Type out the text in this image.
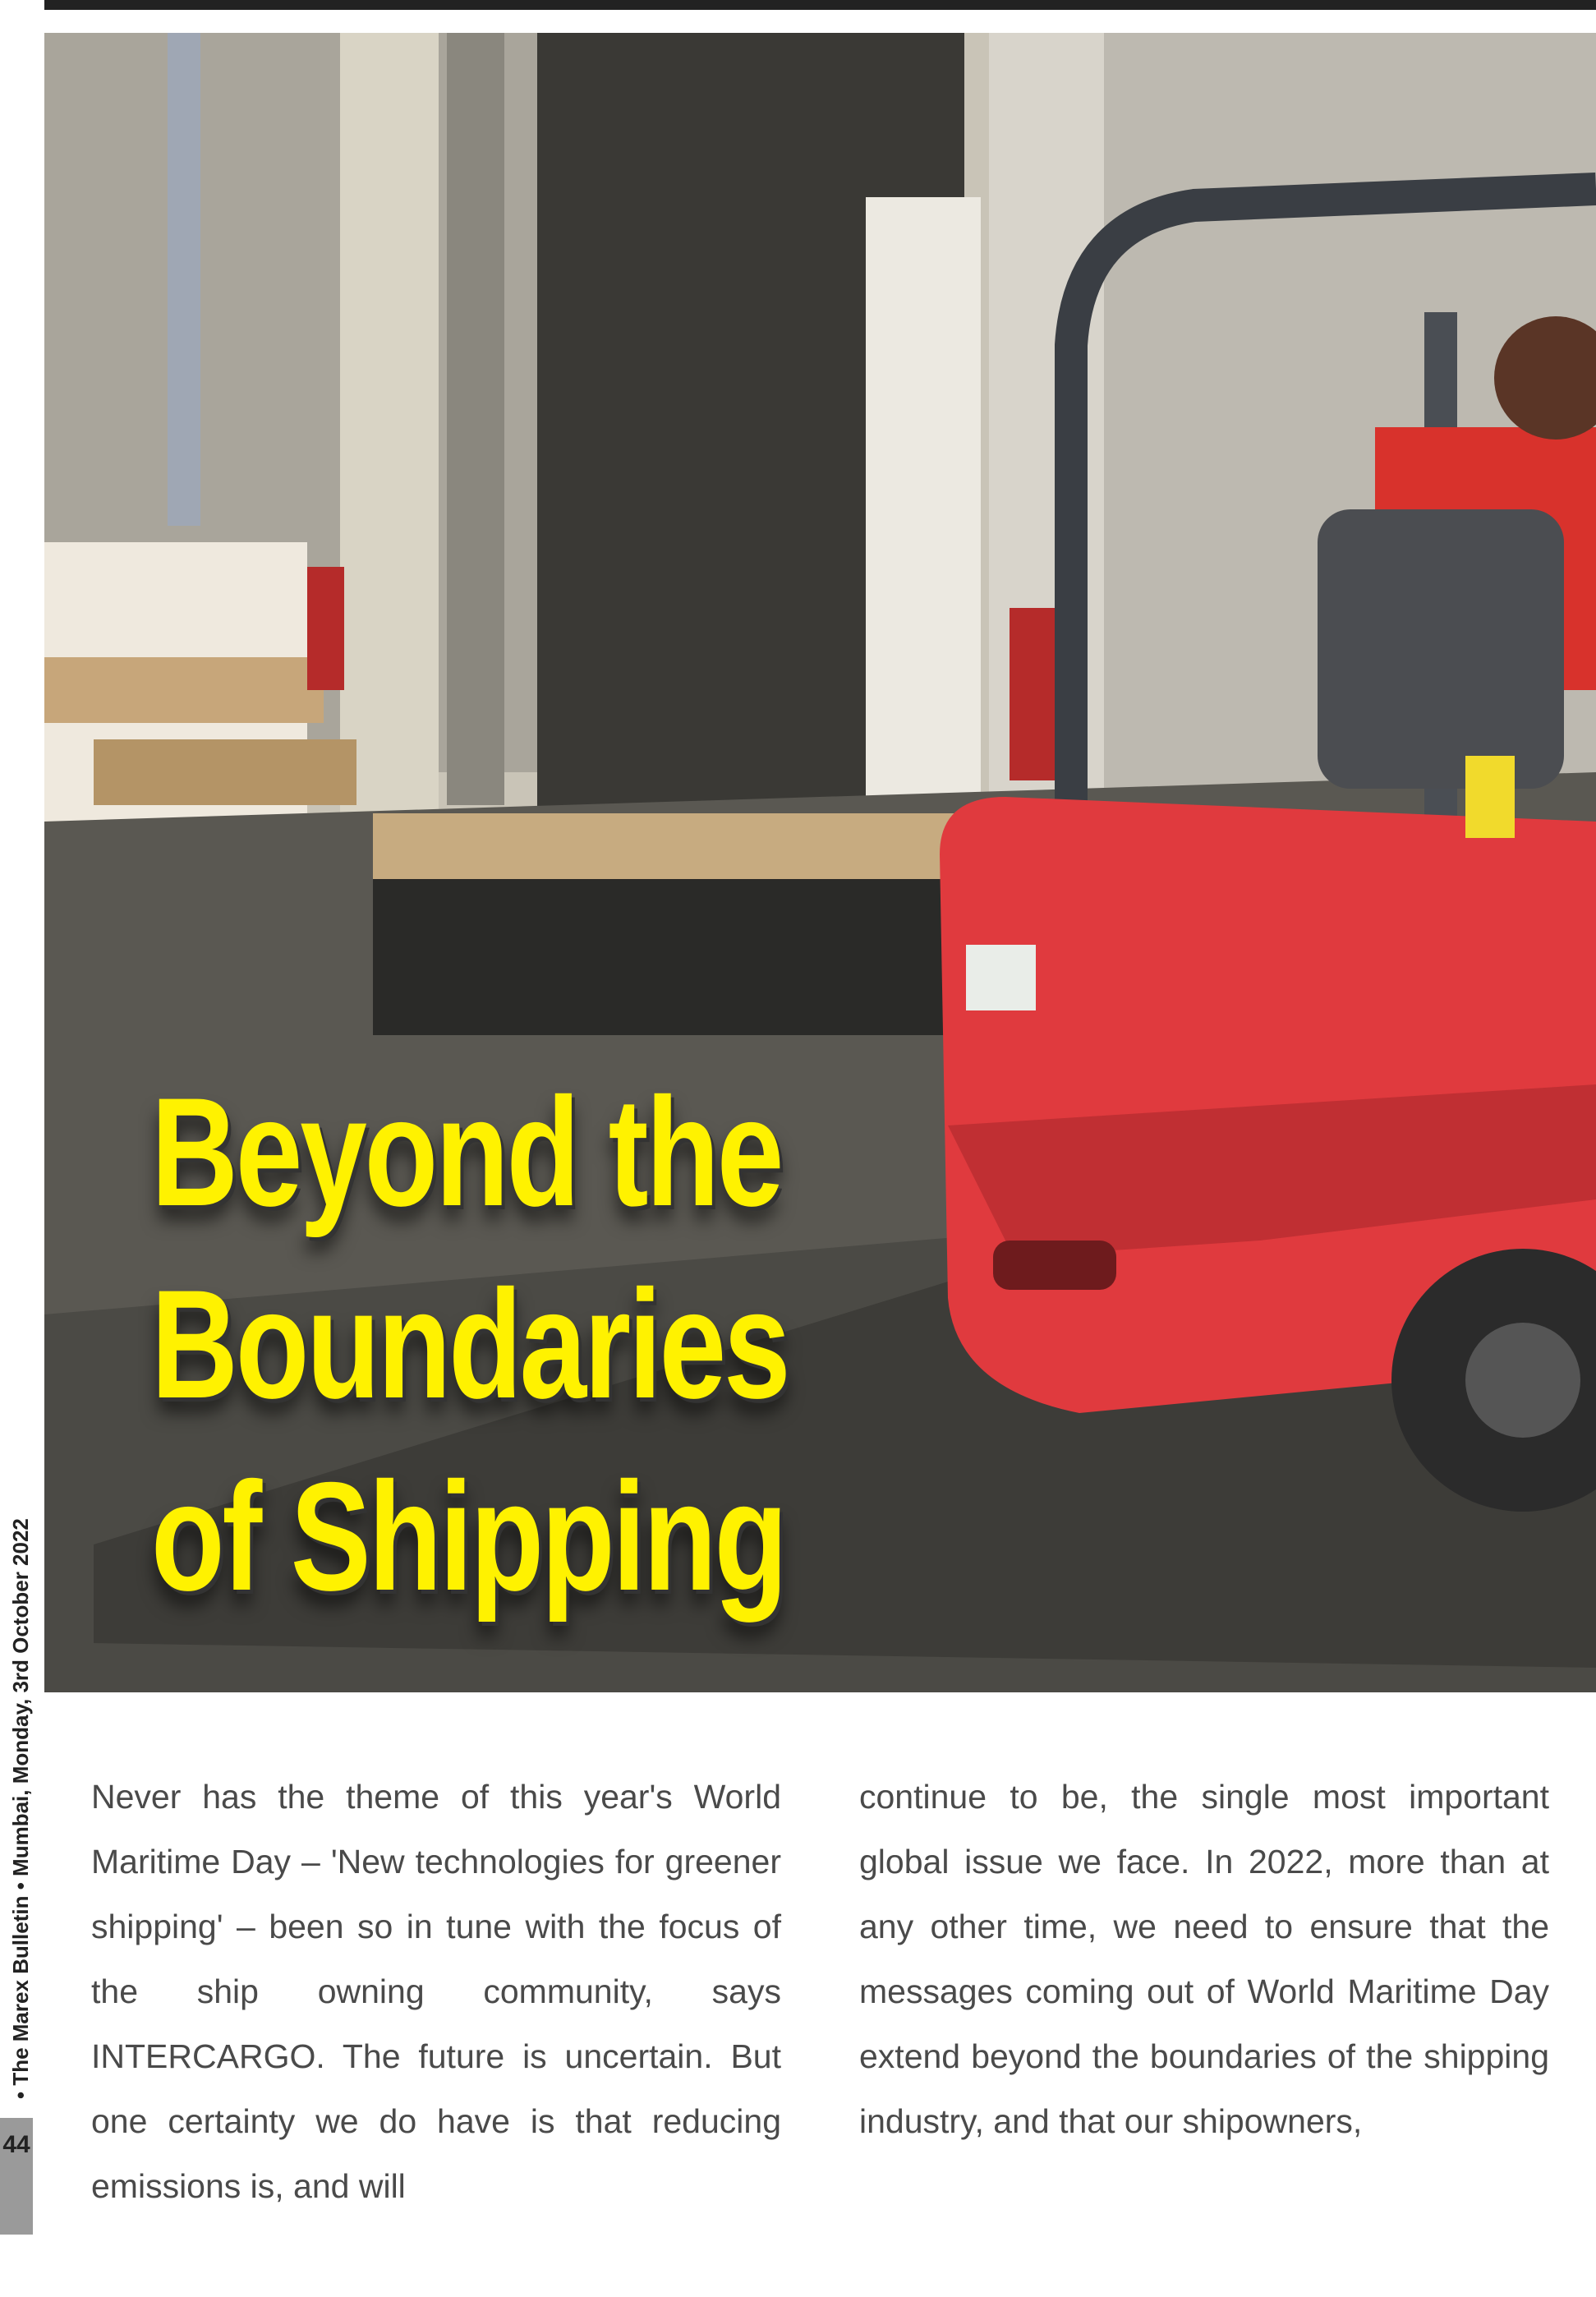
Beyond the
Boundaries
of Shipping
• The Marex Bulletin • Mumbai, Monday, 3rd October 2022
44
Never has the theme of this year's World Maritime Day – 'New technologies for greener shipping' – been so in tune with the focus of the ship owning community, says INTERCARGO. The future is uncertain. But one certainty we do have is that reducing emissions is, and will
continue to be, the single most important global issue we face. In 2022, more than at any other time, we need to ensure that the messages coming out of World Maritime Day extend beyond the boundaries of the shipping industry, and that our shipowners,
